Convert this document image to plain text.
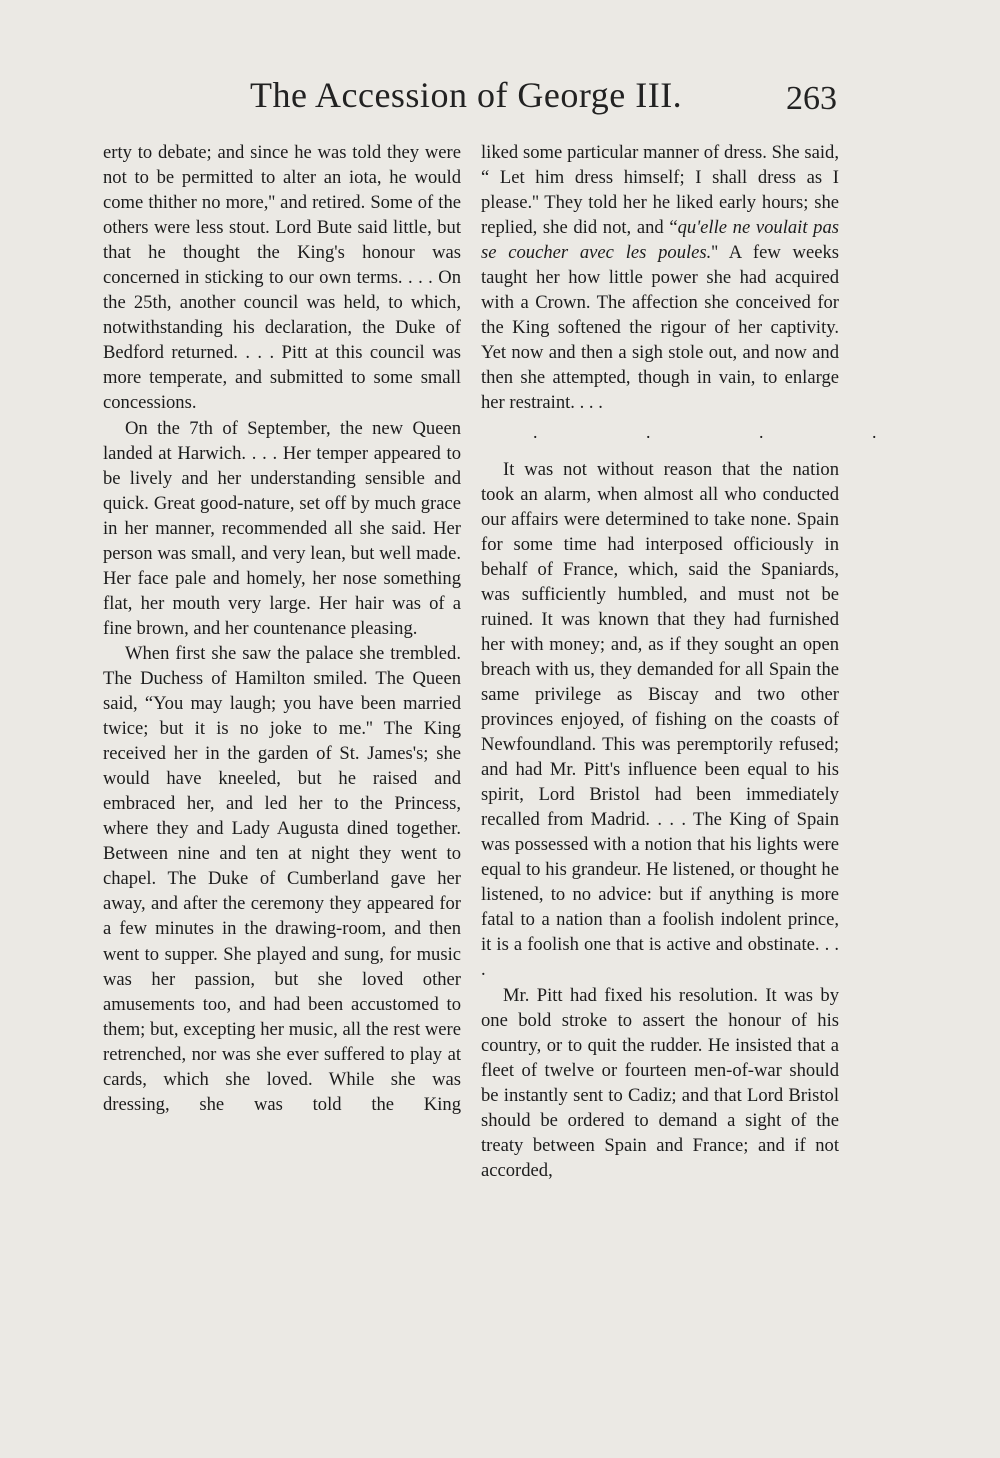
The Accession of George III.	263

erty to debate; and since he was told they were not to be permitted to alter an iota, he would come thither no more,'' and retired. Some of the others were less stout. Lord Bute said little, but that he thought the King's honour was concerned in sticking to our own terms. . . . On the 25th, another council was held, to which, notwithstanding his declaration, the Duke of Bedford returned. . . . Pitt at this council was more temperate, and submitted to some small concessions.

On the 7th of September, the new Queen landed at Harwich. . . . Her temper appeared to be lively and her understanding sensible and quick. Great good-nature, set off by much grace in her manner, recommended all she said. Her person was small, and very lean, but well made. Her face pale and homely, her nose something flat, her mouth very large. Her hair was of a fine brown, and her countenance pleasing.

When first she saw the palace she trembled. The Duchess of Hamilton smiled. The Queen said, “You may laugh; you have been married twice; but it is no joke to me.'' The King received her in the garden of St. James's; she would have kneeled, but he raised and embraced her, and led her to the Princess, where they and Lady Augusta dined together. Between nine and ten at night they went to chapel. The Duke of Cumberland gave her away, and after the ceremony they appeared for a few minutes in the drawing-room, and then went to supper. She played and sung, for music was her passion, but she loved other amusements too, and had been accustomed to them; but, excepting her music, all the rest were retrenched, nor was she ever suffered to play at cards, which she loved. While she was dressing, she was told the King

liked some particular manner of dress. She said, “ Let him dress himself; I shall dress as I please.'' They told her he liked early hours; she replied, she did not, and “qu'elle ne voulait pas se coucher avec les poules.'' A few weeks taught her how little power she had acquired with a Crown. The affection she conceived for the King softened the rigour of her captivity. Yet now and then a sigh stole out, and now and then she attempted, though in vain, to enlarge her restraint. . . .

. . . .

It was not without reason that the nation took an alarm, when almost all who conducted our affairs were determined to take none. Spain for some time had interposed officiously in behalf of France, which, said the Spaniards, was sufficiently humbled, and must not be ruined. It was known that they had furnished her with money; and, as if they sought an open breach with us, they demanded for all Spain the same privilege as Biscay and two other provinces enjoyed, of fishing on the coasts of Newfoundland. This was peremptorily refused; and had Mr. Pitt's influence been equal to his spirit, Lord Bristol had been immediately recalled from Madrid. . . . The King of Spain was possessed with a notion that his lights were equal to his grandeur. He listened, or thought he listened, to no advice: but if anything is more fatal to a nation than a foolish indolent prince, it is a foolish one that is active and obstinate. . . .

Mr. Pitt had fixed his resolution. It was by one bold stroke to assert the honour of his country, or to quit the rudder. He insisted that a fleet of twelve or fourteen men-of-war should be instantly sent to Cadiz; and that Lord Bristol should be ordered to demand a sight of the treaty between Spain and France; and if not accorded,
